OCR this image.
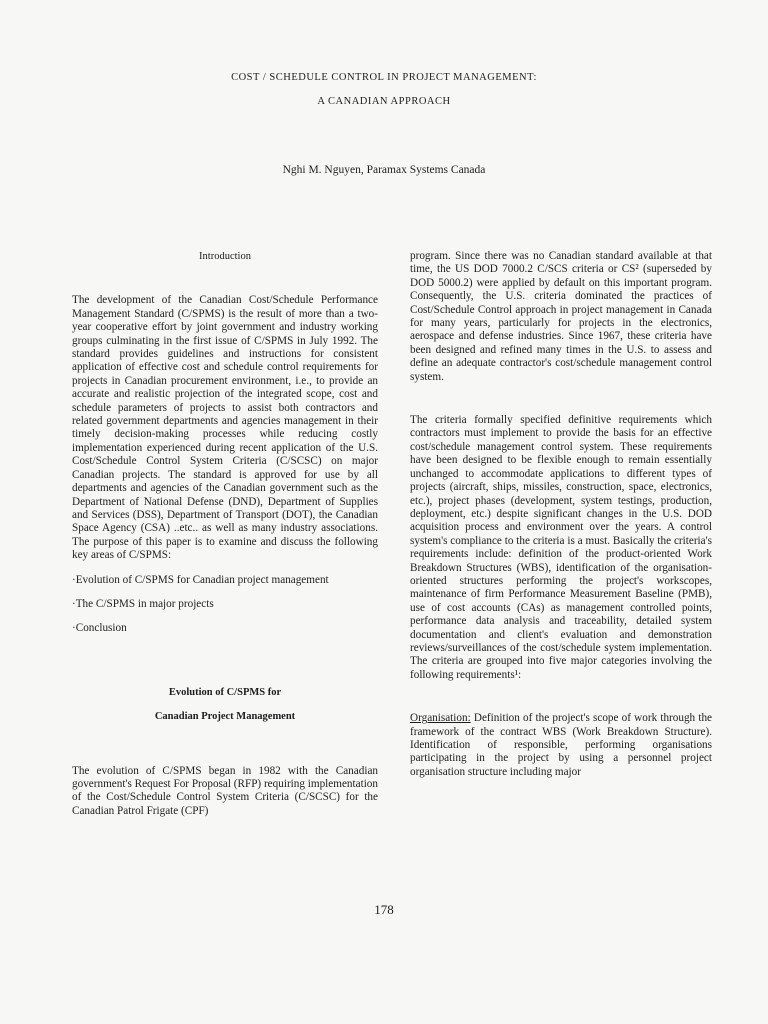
COST / SCHEDULE CONTROL IN PROJECT MANAGEMENT:
A CANADIAN APPROACH
Nghi M. Nguyen, Paramax Systems Canada
Introduction

The development of the Canadian Cost/Schedule Performance Management Standard (C/SPMS) is the result of more than a two-year cooperative effort by joint government and industry working groups culminating in the first issue of C/SPMS in July 1992. The standard provides guidelines and instructions for consistent application of effective cost and schedule control requirements for projects in Canadian procurement environment, i.e., to provide an accurate and realistic projection of the integrated scope, cost and schedule parameters of projects to assist both contractors and related government departments and agencies management in their timely decision-making processes while reducing costly implementation experienced during recent application of the U.S. Cost/Schedule Control System Criteria (C/SCSC) on major Canadian projects. The standard is approved for use by all departments and agencies of the Canadian government such as the Department of National Defense (DND), Department of Supplies and Services (DSS), Department of Transport (DOT), the Canadian Space Agency (CSA) ..etc.. as well as many industry associations. The purpose of this paper is to examine and discuss the following key areas of C/SPMS:

·Evolution of C/SPMS for Canadian project management
·The C/SPMS in major projects
·Conclusion
Evolution of C/SPMS for
Canadian Project Management

The evolution of C/SPMS began in 1982 with the Canadian government's Request For Proposal (RFP) requiring implementation of the Cost/Schedule Control System Criteria (C/SCSC) for the Canadian Patrol Frigate (CPF)

program. Since there was no Canadian standard available at that time, the US DOD 7000.2 C/SCS criteria or CS² (superseded by DOD 5000.2) were applied by default on this important program. Consequently, the U.S. criteria dominated the practices of Cost/Schedule Control approach in project management in Canada for many years, particularly for projects in the electronics, aerospace and defense industries. Since 1967, these criteria have been designed and refined many times in the U.S. to assess and define an adequate contractor's cost/schedule management control system.

The criteria formally specified definitive requirements which contractors must implement to provide the basis for an effective cost/schedule management control system. These requirements have been designed to be flexible enough to remain essentially unchanged to accommodate applications to different types of projects (aircraft, ships, missiles, construction, space, electronics, etc.), project phases (development, system testings, production, deployment, etc.) despite significant changes in the U.S. DOD acquisition process and environment over the years. A control system's compliance to the criteria is a must. Basically the criteria's requirements include: definition of the product-oriented Work Breakdown Structures (WBS), identification of the organisation-oriented structures performing the project's workscopes, maintenance of firm Performance Measurement Baseline (PMB), use of cost accounts (CAs) as management controlled points, performance data analysis and traceability, detailed system documentation and client's evaluation and demonstration reviews/surveillances of the cost/schedule system implementation. The criteria are grouped into five major categories involving the following requirements¹:

Organisation: Definition of the project's scope of work through the framework of the contract WBS (Work Breakdown Structure). Identification of responsible, performing organisations participating in the project by using a personnel project organisation structure including major

178
